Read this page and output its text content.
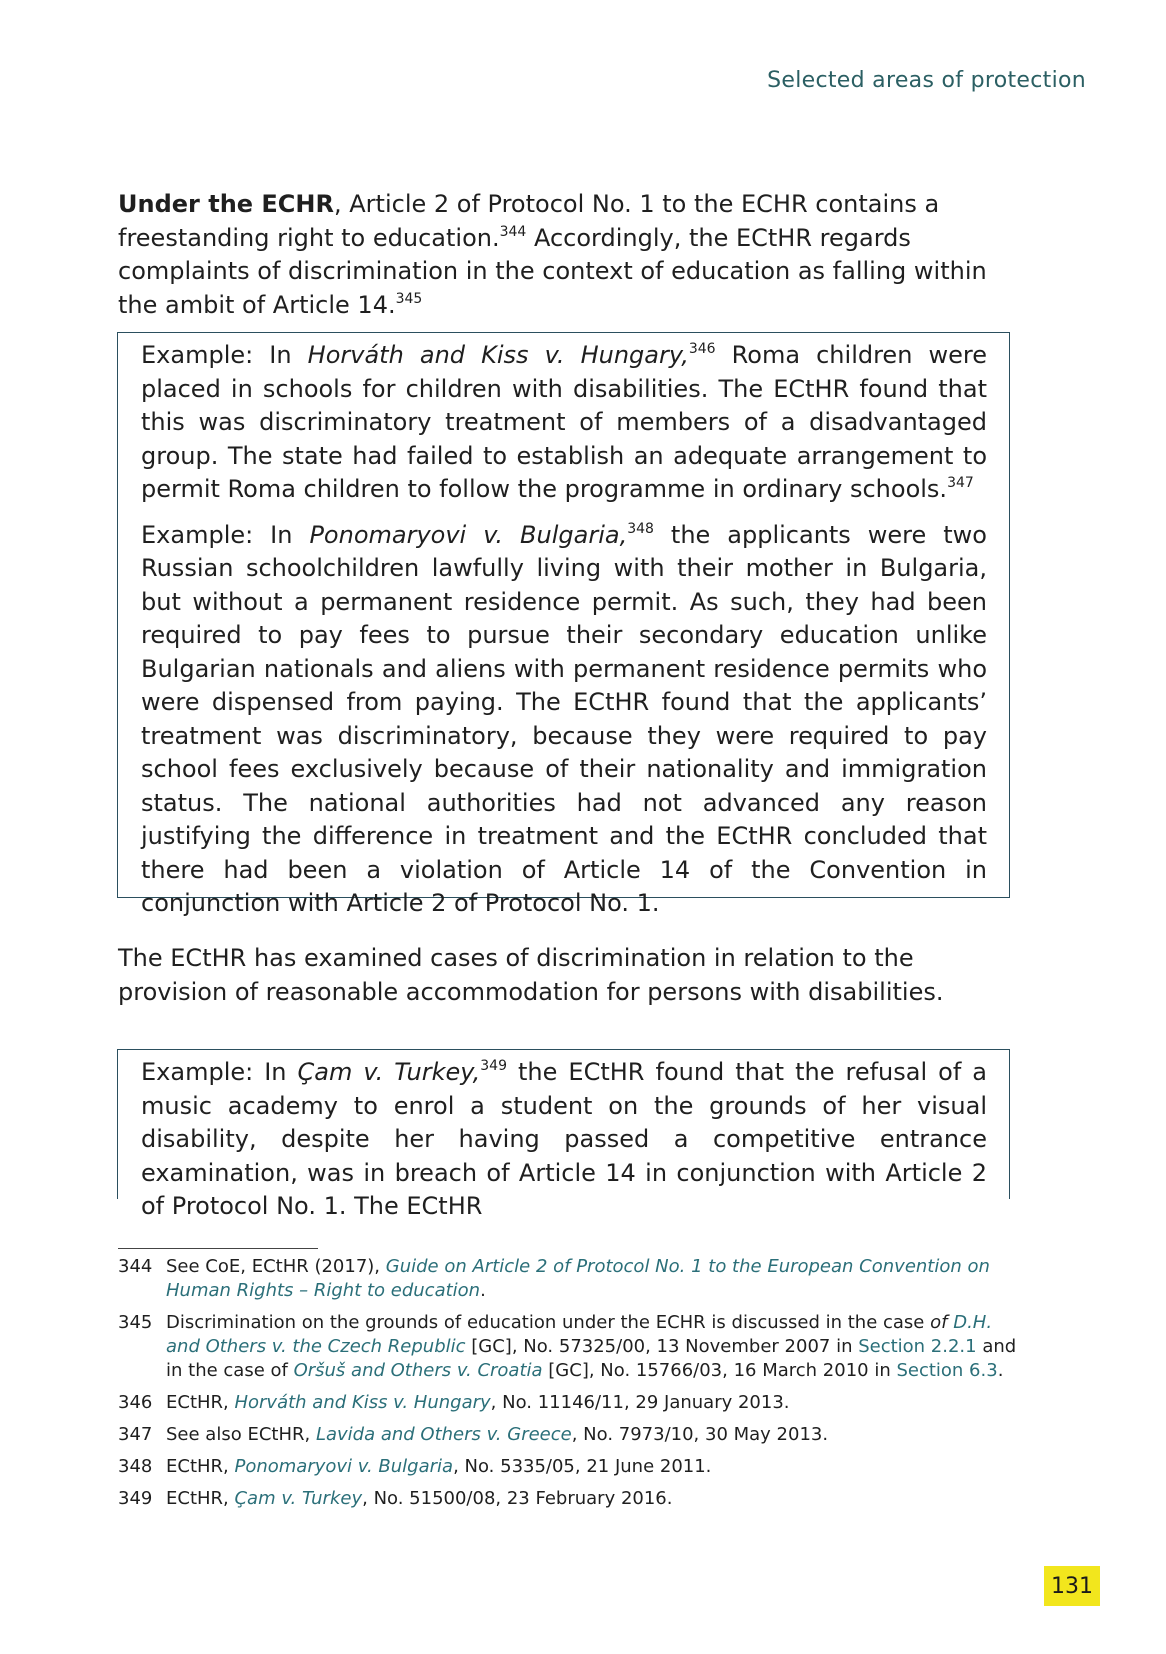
Selected areas of protection

Under the ECHR, Article 2 of Protocol No. 1 to the ECHR contains a freestanding right to education.$^{344}$ Accordingly, the ECtHR regards complaints of discrimination in the context of education as falling within the ambit of Article 14.$^{345}$

Example: In Horváth and Kiss v. Hungary,$^{346}$ Roma children were placed in schools for children with disabilities. The ECtHR found that this was discriminatory treatment of members of a disadvantaged group. The state had failed to establish an adequate arrangement to permit Roma children to follow the programme in ordinary schools.$^{347}$

Example: In Ponomaryovi v. Bulgaria,$^{348}$ the applicants were two Russian schoolchildren lawfully living with their mother in Bulgaria, but without a permanent residence permit. As such, they had been required to pay fees to pursue their secondary education unlike Bulgarian nationals and aliens with permanent residence permits who were dispensed from paying. The ECtHR found that the applicants’ treatment was discriminatory, because they were required to pay school fees exclusively because of their nationality and immigration status. The national authorities had not advanced any reason justifying the difference in treatment and the ECtHR concluded that there had been a violation of Article 14 of the Convention in conjunction with Article 2 of Protocol No. 1.

The ECtHR has examined cases of discrimination in relation to the provision of reasonable accommodation for persons with disabilities.

Example: In Çam v. Turkey,$^{349}$ the ECtHR found that the refusal of a music academy to enrol a student on the grounds of her visual disability, despite her having passed a competitive entrance examination, was in breach of Article 14 in conjunction with Article 2 of Protocol No. 1. The ECtHR

344 See CoE, ECtHR (2017), Guide on Article 2 of Protocol No. 1 to the European Convention on Human Rights – Right to education.
345 Discrimination on the grounds of education under the ECHR is discussed in the case of D.H. and Others v. the Czech Republic [GC], No. 57325/00, 13 November 2007 in Section 2.2.1 and in the case of Oršuš and Others v. Croatia [GC], No. 15766/03, 16 March 2010 in Section 6.3.
346 ECtHR, Horváth and Kiss v. Hungary, No. 11146/11, 29 January 2013.
347 See also ECtHR, Lavida and Others v. Greece, No. 7973/10, 30 May 2013.
348 ECtHR, Ponomaryovi v. Bulgaria, No. 5335/05, 21 June 2011.
349 ECtHR, Çam v. Turkey, No. 51500/08, 23 February 2016.
131
